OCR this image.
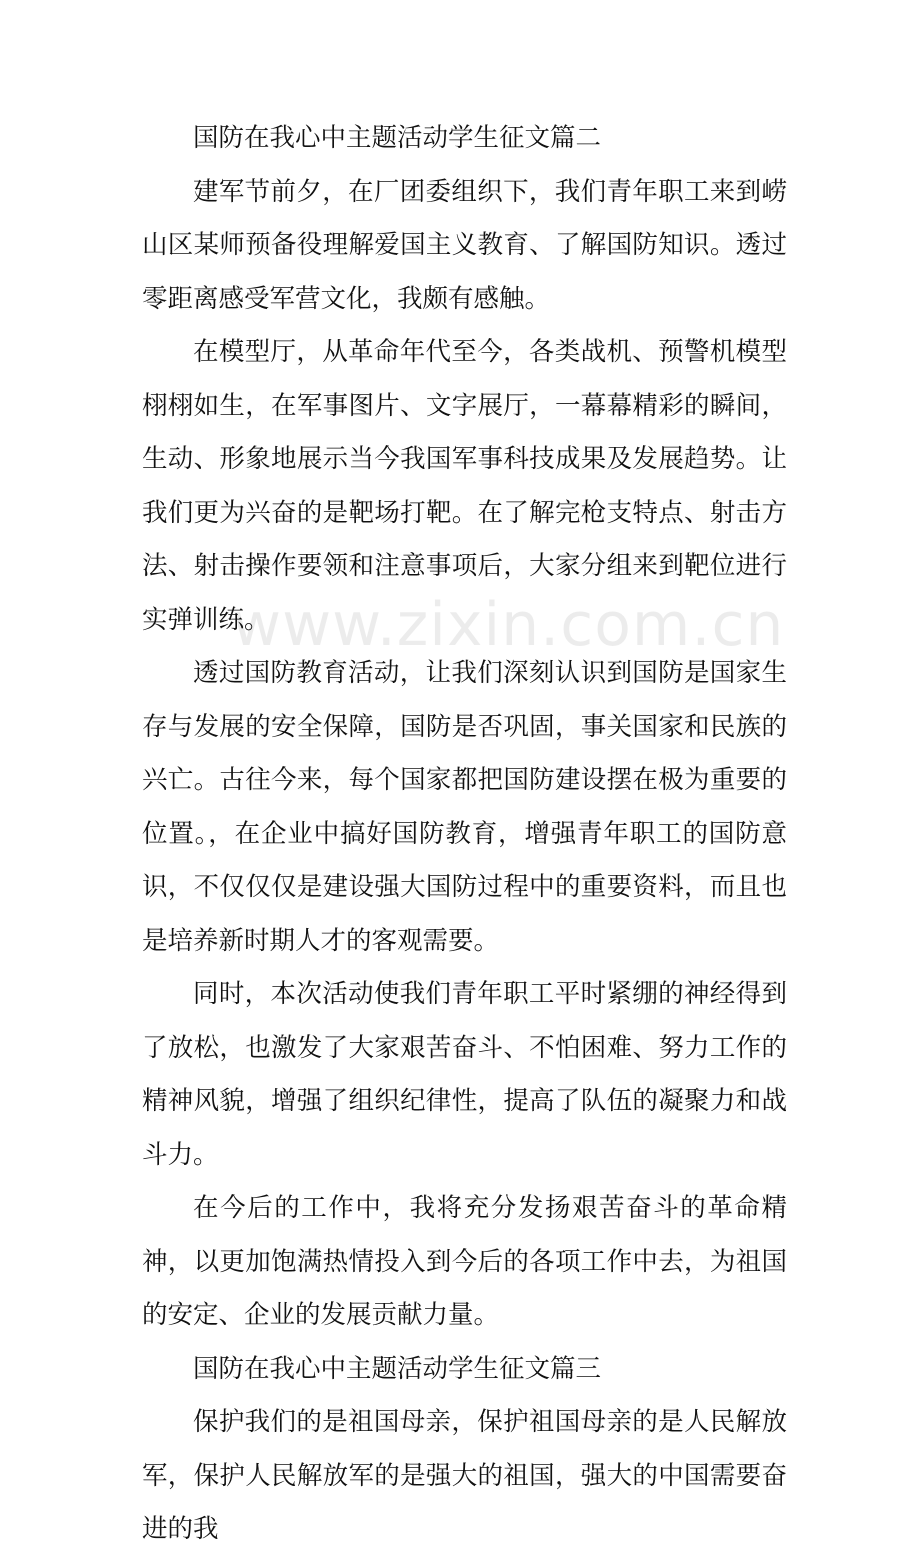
国防在我心中主题活动学生征文篇二

建军节前夕，在厂团委组织下，我们青年职工来到崂山区某师预备役理解爱国主义教育、了解国防知识。透过零距离感受军营文化，我颇有感触。

在模型厅，从革命年代至今，各类战机、预警机模型栩栩如生，在军事图片、文字展厅，一幕幕精彩的瞬间，生动、形象地展示当今我国军事科技成果及发展趋势。让我们更为兴奋的是靶场打靶。在了解完枪支特点、射击方法、射击操作要领和注意事项后，大家分组来到靶位进行实弹训练。

透过国防教育活动，让我们深刻认识到国防是国家生存与发展的安全保障，国防是否巩固，事关国家和民族的兴亡。古往今来，每个国家都把国防建设摆在极为重要的位置。，在企业中搞好国防教育，增强青年职工的国防意识，不仅仅仅是建设强大国防过程中的重要资料，而且也是培养新时期人才的客观需要。

同时，本次活动使我们青年职工平时紧绷的神经得到了放松，也激发了大家艰苦奋斗、不怕困难、努力工作的精神风貌，增强了组织纪律性，提高了队伍的凝聚力和战斗力。

在今后的工作中，我将充分发扬艰苦奋斗的革命精神，以更加饱满热情投入到今后的各项工作中去，为祖国的安定、企业的发展贡献力量。

国防在我心中主题活动学生征文篇三

保护我们的是祖国母亲，保护祖国母亲的是人民解放军，保护人民解放军的是强大的祖国，强大的中国需要奋进的我

www.zixin.com.cn
